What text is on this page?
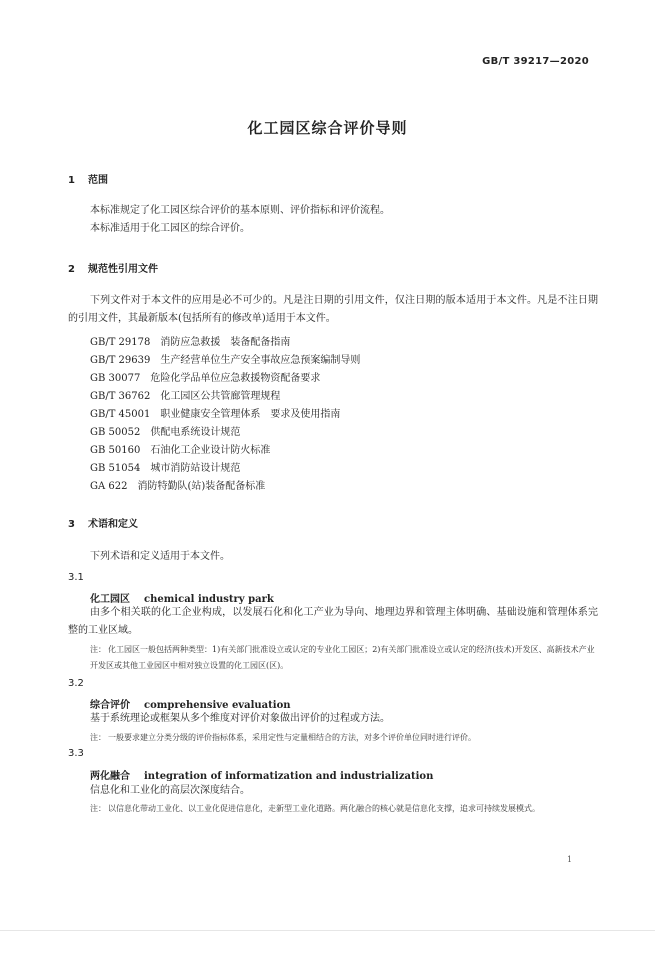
GB/T 39217—2020
化工园区综合评价导则
1 范围
本标准规定了化工园区综合评价的基本原则、评价指标和评价流程。
本标准适用于化工园区的综合评价。
2 规范性引用文件
下列文件对于本文件的应用是必不可少的。凡是注日期的引用文件，仅注日期的版本适用于本文件。凡是不注日期的引用文件，其最新版本(包括所有的修改单)适用于本文件。
GB/T 29178 消防应急救援　装备配备指南
GB/T 29639 生产经营单位生产安全事故应急预案编制导则
GB 30077 危险化学品单位应急救援物资配备要求
GB/T 36762 化工园区公共管廊管理规程
GB/T 45001 职业健康安全管理体系　要求及使用指南
GB 50052 供配电系统设计规范
GB 50160 石油化工企业设计防火标准
GB 51054 城市消防站设计规范
GA 622 消防特勤队(站)装备配备标准
3 术语和定义
下列术语和定义适用于本文件。
3.1
化工园区 chemical industry park
由多个相关联的化工企业构成，以发展石化和化工产业为导向、地理边界和管理主体明确、基础设施和管理体系完整的工业区域。
注： 化工园区一般包括两种类型：1)有关部门批准设立或认定的专业化工园区；2)有关部门批准设立或认定的经济(技术)开发区、高新技术产业开发区或其他工业园区中相对独立设置的化工园区(区)。
3.2
综合评价 comprehensive evaluation
基于系统理论或框架从多个维度对评价对象做出评价的过程或方法。
注： 一般要求建立分类分级的评价指标体系，采用定性与定量相结合的方法，对多个评价单位同时进行评价。
3.3
两化融合 integration of informatization and industrialization
信息化和工业化的高层次深度结合。
注： 以信息化带动工业化、以工业化促进信息化，走新型工业化道路。两化融合的核心就是信息化支撑，追求可持续发展模式。
1
